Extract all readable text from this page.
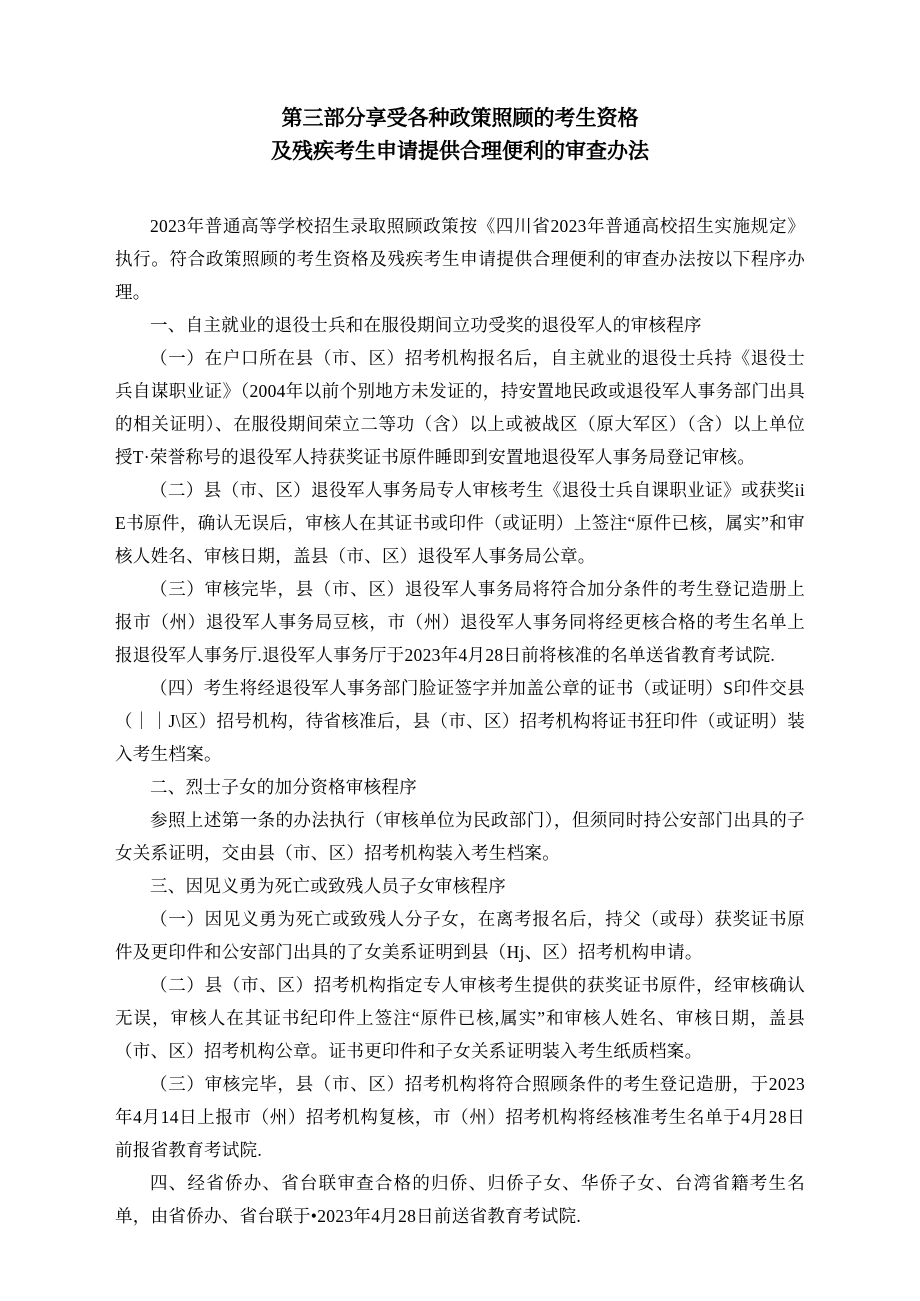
第三部分享受各种政策照顾的考生资格
及残疾考生申请提供合理便利的审查办法

2023年普通高等学校招生录取照顾政策按《四川省2023年普通高校招生实施规定》执行。符合政策照顾的考生资格及残疾考生申请提供合理便利的审查办法按以下程序办理。

一、自主就业的退役士兵和在服役期间立功受奖的退役军人的审核程序

（一）在户口所在县（市、区）招考机构报名后，自主就业的退役士兵持《退役士兵自谋职业证》（2004年以前个别地方未发证的，持安置地民政或退役军人事务部门出具的相关证明）、在服役期间荣立二等功（含）以上或被战区（原大军区）（含）以上单位授T·荣誉称号的退役军人持获奖证书原件睡即到安置地退役军人事务局登记审核。

（二）县（市、区）退役军人事务局专人审核考生《退役士兵自课职业证》或获奖iiE书原件，确认无误后，审核人在其证书或印件（或证明）上签注“原件已核，属实”和审核人姓名、审核日期，盖县（市、区）退役军人事务局公章。

（三）审核完毕，县（市、区）退役军人事务局将符合加分条件的考生登记造册上报市（州）退役军人事务局豆核，市（州）退役军人事务同将经更核合格的考生名单上报退役军人事务厅.退役军人事务厅于2023年4月28日前将核准的名单送省教育考试院.

（四）考生将经退役军人事务部门脸证签字并加盖公章的证书（或证明）S印件交县（｜｜J\区）招号机构，待省核准后，县（市、区）招考机构将证书狂印件（或证明）装入考生档案。

二、烈士子女的加分资格审核程序

参照上述第一条的办法执行（审核单位为民政部门），但须同时持公安部门出具的子女关系证明，交由县（市、区）招考机构装入考生档案。

三、因见义勇为死亡或致残人员子女审核程序

（一）因见义勇为死亡或致残人分子女，在离考报名后，持父（或母）获奖证书原件及更印件和公安部门出具的了女美系证明到县（Hj、区）招考机构申请。

（二）县（市、区）招考机构指定专人审核考生提供的获奖证书原件，经审核确认无误，审核人在其证书纪印件上签注“原件已核,属实”和审核人姓名、审核日期，盖县（市、区）招考机构公章。证书更印件和子女关系证明装入考生纸质档案。

（三）审核完毕，县（市、区）招考机构将符合照顾条件的考生登记造册，于2023年4月14日上报市（州）招考机构复核，市（州）招考机构将经核准考生名单于4月28日前报省教育考试院.

四、经省侨办、省台联审查合格的归侨、归侨子女、华侨子女、台湾省籍考生名单，由省侨办、省台联于•2023年4月28日前送省教育考试院.
